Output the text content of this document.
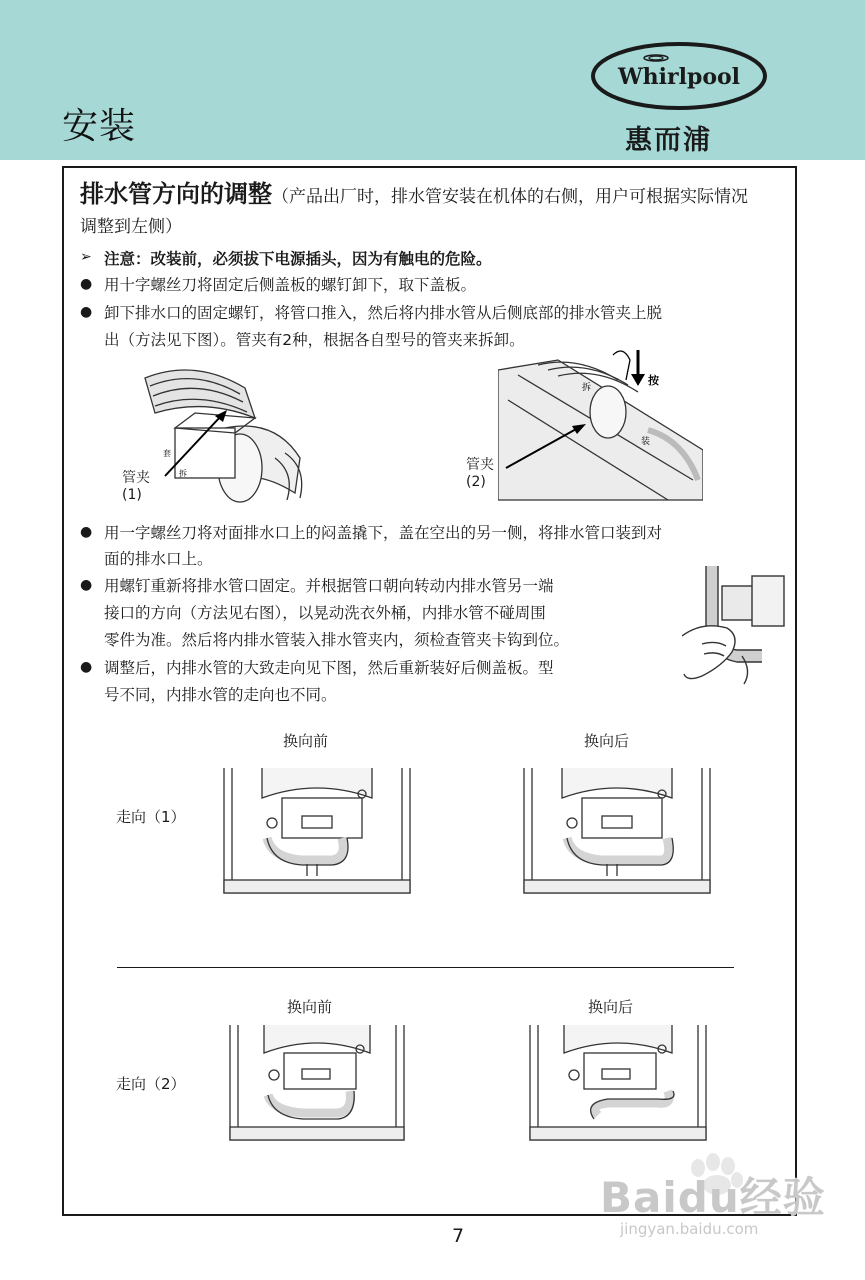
安装
Whirlpool
惠而浦
排水管方向的调整（产品出厂时，排水管安装在机体的右侧，用户可根据实际情况调整到左侧）
➢ 注意：改装前，必须拔下电源插头，因为有触电的危险。
● 用十字螺丝刀将固定后侧盖板的螺钉卸下，取下盖板。
● 卸下排水口的固定螺钉，将管口推入，然后将内排水管从后侧底部的排水管夹上脱
出（方法见下图）。管夹有2种，根据各自型号的管夹来拆卸。
套
拆
管夹
(1)
拆
按
装
管夹
(2)
● 用一字螺丝刀将对面排水口上的闷盖撬下，盖在空出的另一侧，将排水管口装到对
面的排水口上。
● 用螺钉重新将排水管口固定。并根据管口朝向转动内排水管另一端
接口的方向（方法见右图），以晃动洗衣外桶，内排水管不碰周围
零件为准。然后将内排水管装入排水管夹内，须检查管夹卡钩到位。
● 调整后，内排水管的大致走向见下图，然后重新装好后侧盖板。型
号不同，内排水管的走向也不同。
换向前	换向后
走向（1）
换向前	换向后
走向（2）
7
Baidu经验
jingyan.baidu.com
